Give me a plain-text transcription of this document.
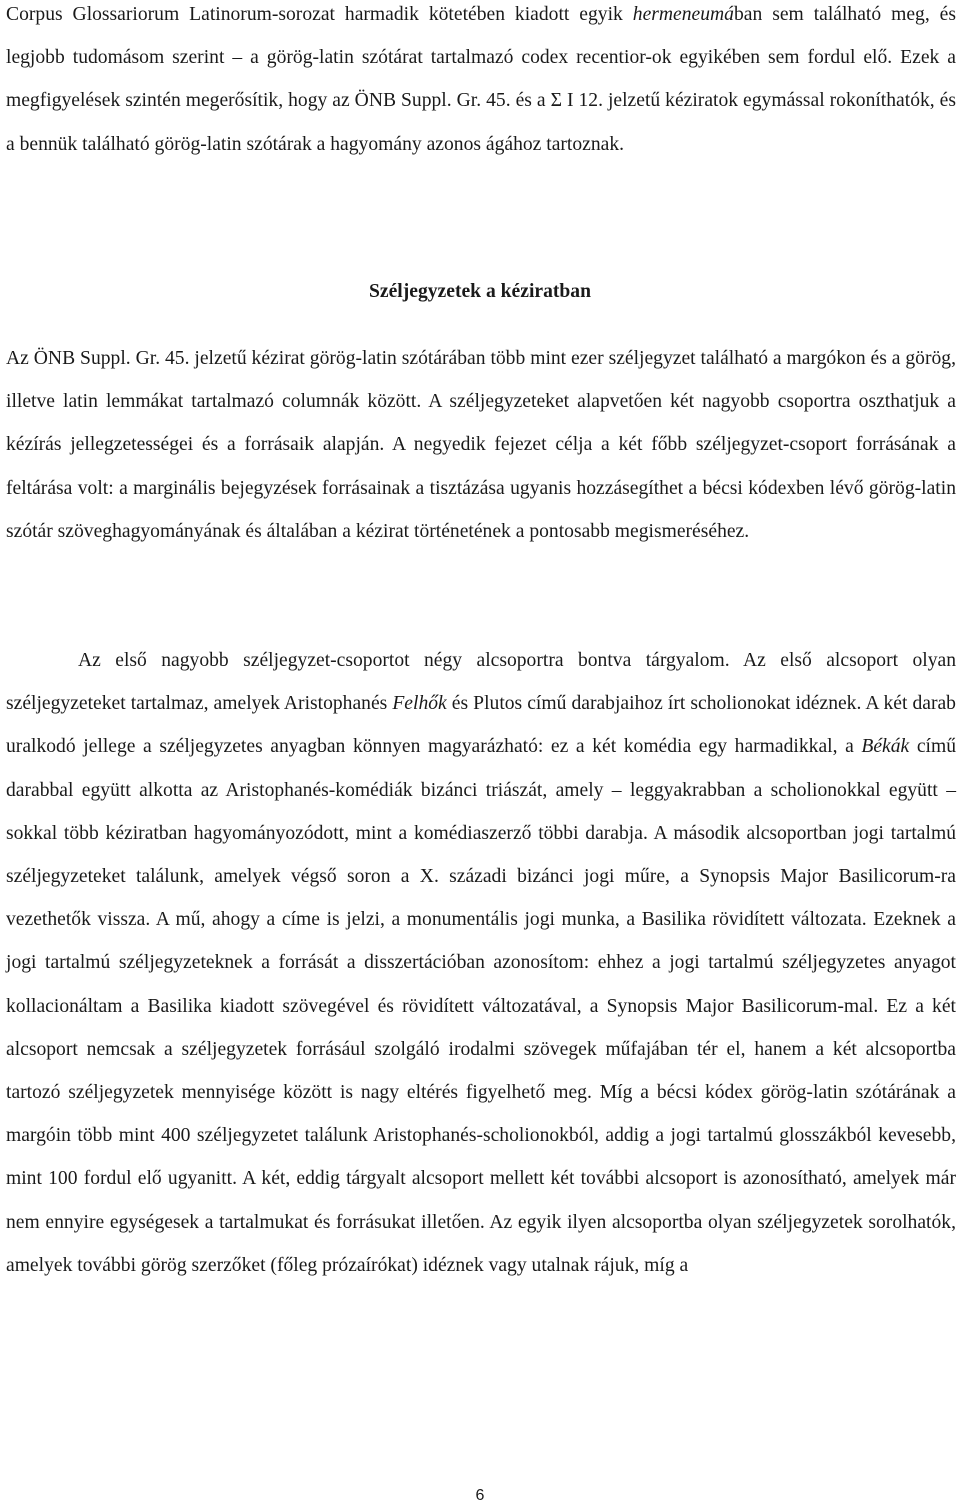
Corpus Glossariorum Latinorum-sorozat harmadik kötetében kiadott egyik hermeneumában sem található meg, és legjobb tudomásom szerint – a görög-latin szótárat tartalmazó codex recentior-ok egyikében sem fordul elő. Ezek a megfigyelések szintén megerősítik, hogy az ÖNB Suppl. Gr. 45. és a Σ I 12. jelzetű kéziratok egymással rokoníthatók, és a bennük található görög-latin szótárak a hagyomány azonos ágához tartoznak.

Széljegyzetek a kéziratban

Az ÖNB Suppl. Gr. 45. jelzetű kézirat görög-latin szótárában több mint ezer széljegyzet található a margókon és a görög, illetve latin lemmákat tartalmazó columnák között. A széljegyzeteket alapvetően két nagyobb csoportra oszthatjuk a kézírás jellegzetességei és a forrásaik alapján. A negyedik fejezet célja a két főbb széljegyzet-csoport forrásának a feltárása volt: a marginális bejegyzések forrásainak a tisztázása ugyanis hozzásegíthet a bécsi kódexben lévő görög-latin szótár szöveghagyományának és általában a kézirat történetének a pontosabb megismeréséhez.

Az első nagyobb széljegyzet-csoportot négy alcsoportra bontva tárgyalom. Az első alcsoport olyan széljegyzeteket tartalmaz, amelyek Aristophanés Felhők és Plutos című darabjaihoz írt scholionokat idéznek. A két darab uralkodó jellege a széljegyzetes anyagban könnyen magyarázható: ez a két komédia egy harmadikkal, a Békák című darabbal együtt alkotta az Aristophanés-komédiák bizánci triászát, amely – leggyakrabban a scholionokkal együtt – sokkal több kéziratban hagyományozódott, mint a komédiaszerző többi darabja. A második alcsoportban jogi tartalmú széljegyzeteket találunk, amelyek végső soron a X. századi bizánci jogi műre, a Synopsis Major Basilicorum-ra vezethetők vissza. A mű, ahogy a címe is jelzi, a monumentális jogi munka, a Basilika rövidített változata. Ezeknek a jogi tartalmú széljegyzeteknek a forrását a disszertációban azonosítom: ehhez a jogi tartalmú széljegyzetes anyagot kollacionáltam a Basilika kiadott szövegével és rövidített változatával, a Synopsis Major Basilicorum-mal. Ez a két alcsoport nemcsak a széljegyzetek forrásául szolgáló irodalmi szövegek műfajában tér el, hanem a két alcsoportba tartozó széljegyzetek mennyisége között is nagy eltérés figyelhető meg. Míg a bécsi kódex görög-latin szótárának a margóin több mint 400 széljegyzetet találunk Aristophanés-scholionokból, addig a jogi tartalmú glosszákból kevesebb, mint 100 fordul elő ugyanitt. A két, eddig tárgyalt alcsoport mellett két további alcsoport is azonosítható, amelyek már nem ennyire egységesek a tartalmukat és forrásukat illetően. Az egyik ilyen alcsoportba olyan széljegyzetek sorolhatók, amelyek további görög szerzőket (főleg prózaírókat) idéznek vagy utalnak rájuk, míg a

6
